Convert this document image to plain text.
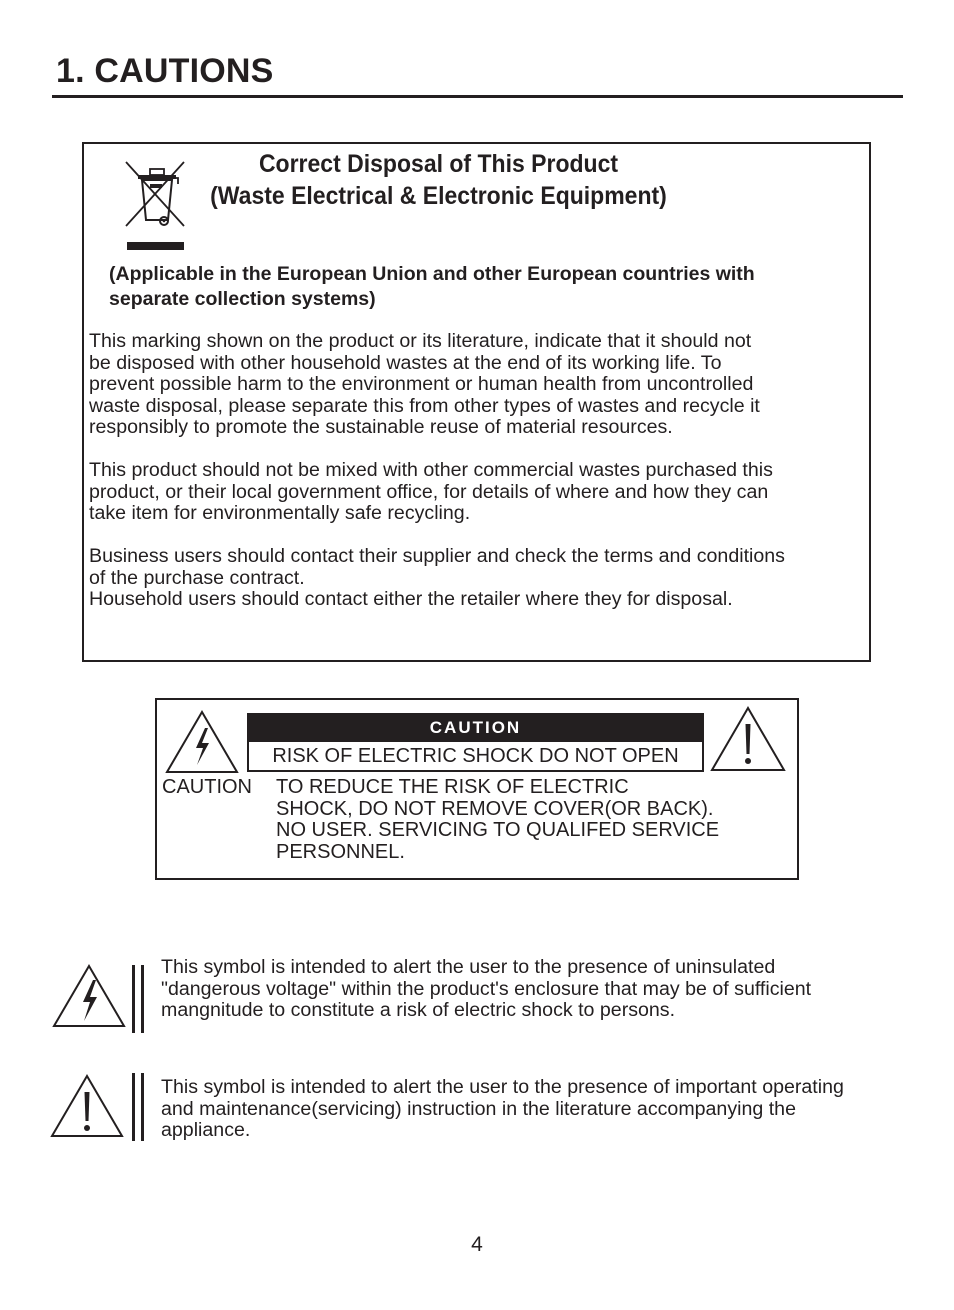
1. CAUTIONS
Correct Disposal of This Product
(Waste Electrical & Electronic Equipment)
(Applicable in the European Union and other European countries with
separate collection systems)
This marking shown on the product or its literature, indicate that it should not
be disposed with other household wastes at the end of its working life. To
prevent possible harm to the environment or human health from uncontrolled
waste disposal, please separate this from other types of wastes and recycle it
responsibly to promote the sustainable reuse of material resources.
This product should not be mixed with other commercial wastes purchased this
product, or their local government office, for details of where and how they can
take item for environmentally safe recycling.
Business users should contact their supplier and check the terms and conditions
of the purchase contract.
Household users should contact either the retailer where they for disposal.
CAUTION
RISK OF ELECTRIC SHOCK DO NOT OPEN
CAUTION TO REDUCE THE RISK OF ELECTRIC
SHOCK, DO NOT REMOVE COVER(OR BACK).
NO USER. SERVICING TO QUALIFED SERVICE
PERSONNEL.
This symbol is intended to alert the user to the presence of uninsulated
"dangerous voltage" within the product's enclosure that may be of sufficient
mangnitude to constitute a risk of electric shock to persons.
This symbol is intended to alert the user to the presence of important operating
and maintenance(servicing) instruction in the literature accompanying the
appliance.
4
